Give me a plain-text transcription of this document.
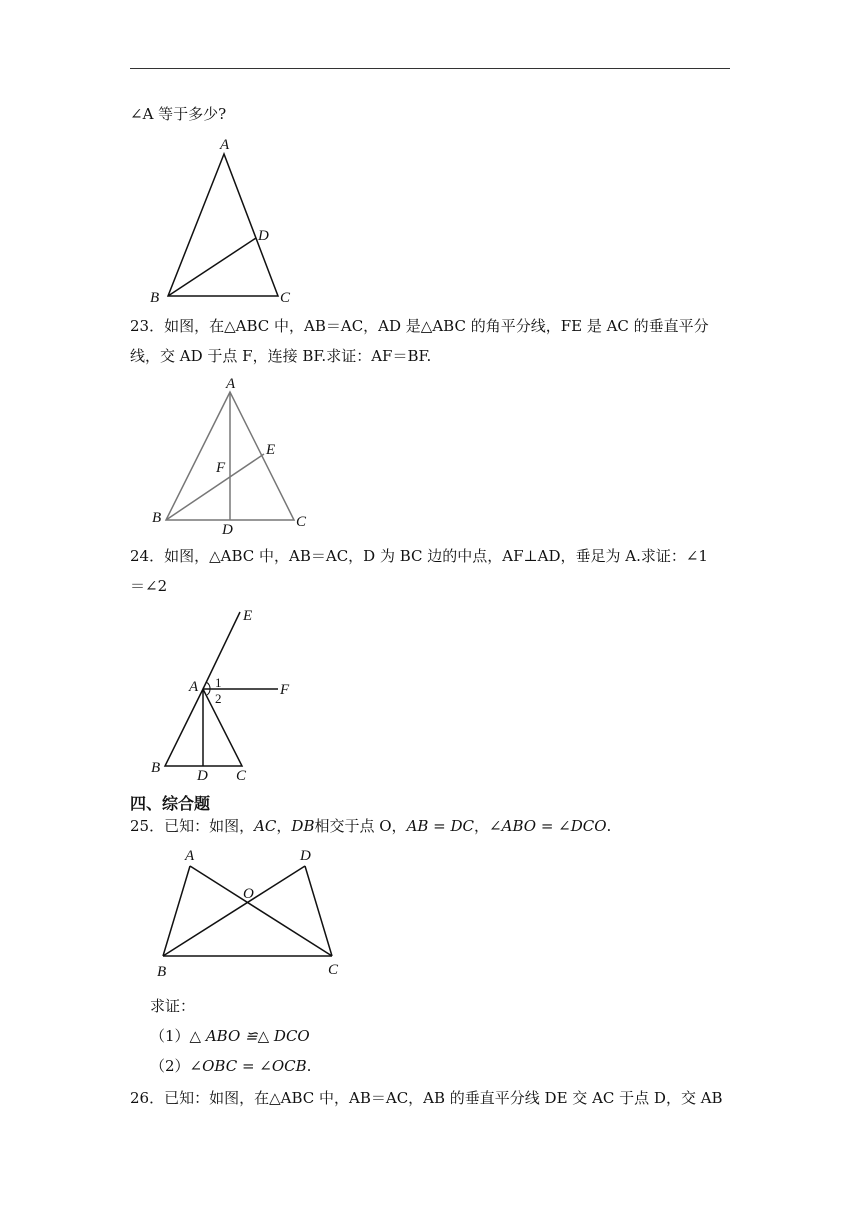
∠A 等于多少?
A
B	C
D
23．如图，在△ABC 中，AB＝AC，AD 是△ABC 的角平分线，FE 是 AC 的垂直平分
线，交 AD 于点 F，连接 BF.求证：AF＝BF.
A
B	C
D
E
F
24．如图，△ABC 中，AB＝AC，D 为 BC 边的中点，AF⊥AD，垂足为 A.求证：∠1
＝∠2
E
F
A
B D C
1
2
四、综合题
25．已知：如图，AC，DB相交于点 O，AB = DC，∠ABO = ∠DCO.
A	D
O
B	C
求证：
（1）△ ABO ≌△ DCO
（2）∠OBC = ∠OCB.
26．已知：如图，在△ABC 中，AB＝AC，AB 的垂直平分线 DE 交 AC 于点 D，交 AB
